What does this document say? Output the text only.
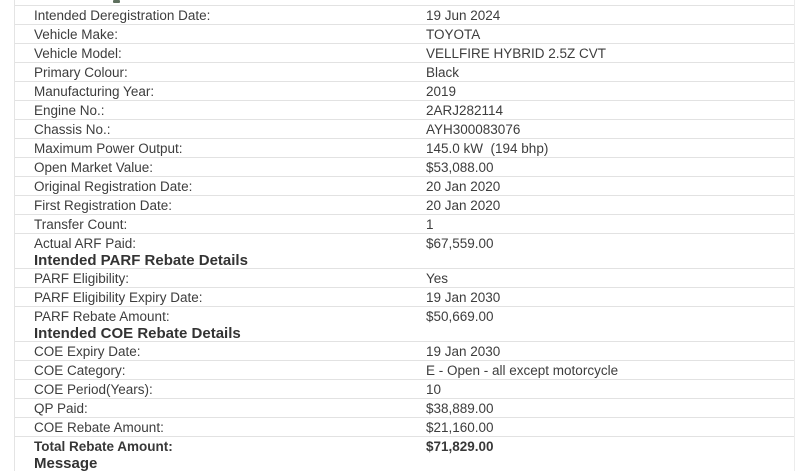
Intended Deregistration Date:	19 Jun 2024
Vehicle Make:	TOYOTA
Vehicle Model:	VELLFIRE HYBRID 2.5Z CVT
Primary Colour:	Black
Manufacturing Year:	2019
Engine No.:	2ARJ282114
Chassis No.:	AYH300083076
Maximum Power Output:	145.0 kW  (194 bhp)
Open Market Value:	$53,088.00
Original Registration Date:	20 Jan 2020
First Registration Date:	20 Jan 2020
Transfer Count:	1
Actual ARF Paid:	$67,559.00
Intended PARF Rebate Details
PARF Eligibility:	Yes
PARF Eligibility Expiry Date:	19 Jan 2030
PARF Rebate Amount:	$50,669.00
Intended COE Rebate Details
COE Expiry Date:	19 Jan 2030
COE Category:	E - Open - all except motorcycle
COE Period(Years):	10
QP Paid:	$38,889.00
COE Rebate Amount:	$21,160.00
Total Rebate Amount:	$71,829.00
Message
